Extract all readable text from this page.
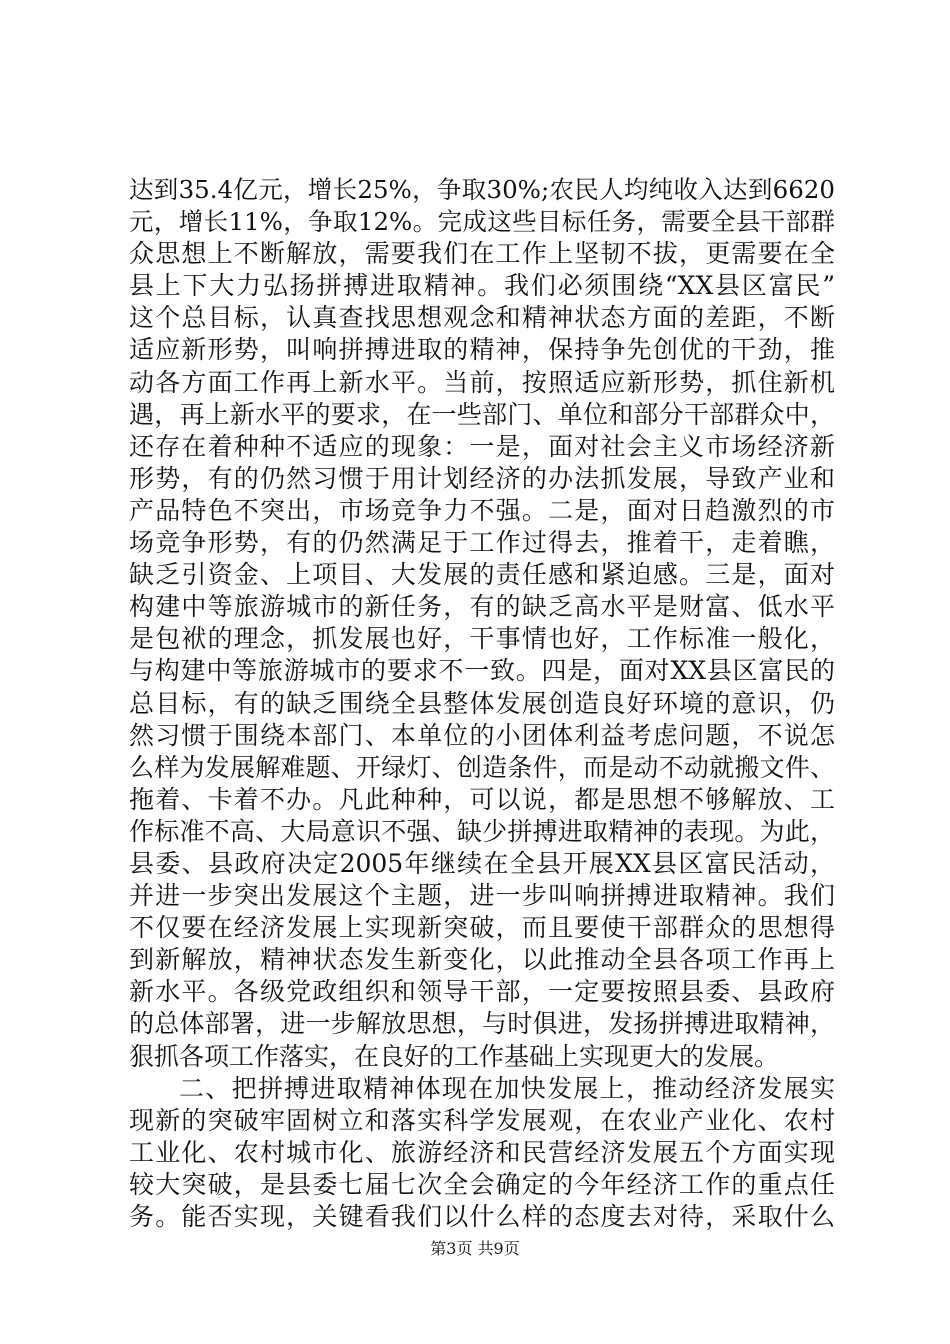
达到35.4亿元，增长25%，争取30%;农民人均纯收入达到6620
元，增长11%，争取12%。完成这些目标任务，需要全县干部群
众思想上不断解放，需要我们在工作上坚韧不拔，更需要在全
县上下大力弘扬拼搏进取精神。我们必须围绕“XX县区富民”
这个总目标，认真查找思想观念和精神状态方面的差距，不断
适应新形势，叫响拼搏进取的精神，保持争先创优的干劲，推
动各方面工作再上新水平。当前，按照适应新形势，抓住新机
遇，再上新水平的要求，在一些部门、单位和部分干部群众中，
还存在着种种不适应的现象：一是，面对社会主义市场经济新
形势，有的仍然习惯于用计划经济的办法抓发展，导致产业和
产品特色不突出，市场竞争力不强。二是，面对日趋激烈的市
场竞争形势，有的仍然满足于工作过得去，推着干，走着瞧，
缺乏引资金、上项目、大发展的责任感和紧迫感。三是，面对
构建中等旅游城市的新任务，有的缺乏高水平是财富、低水平
是包袱的理念，抓发展也好，干事情也好，工作标准一般化，
与构建中等旅游城市的要求不一致。四是，面对XX县区富民的
总目标，有的缺乏围绕全县整体发展创造良好环境的意识，仍
然习惯于围绕本部门、本单位的小团体利益考虑问题，不说怎
么样为发展解难题、开绿灯、创造条件，而是动不动就搬文件、
拖着、卡着不办。凡此种种，可以说，都是思想不够解放、工
作标准不高、大局意识不强、缺少拼搏进取精神的表现。为此，
县委、县政府决定2005年继续在全县开展XX县区富民活动，
并进一步突出发展这个主题，进一步叫响拼搏进取精神。我们
不仅要在经济发展上实现新突破，而且要使干部群众的思想得
到新解放，精神状态发生新变化，以此推动全县各项工作再上
新水平。各级党政组织和领导干部，一定要按照县委、县政府
的总体部署，进一步解放思想，与时俱进，发扬拼搏进取精神，
狠抓各项工作落实，在良好的工作基础上实现更大的发展。
二、把拼搏进取精神体现在加快发展上，推动经济发展实
现新的突破牢固树立和落实科学发展观，在农业产业化、农村
工业化、农村城市化、旅游经济和民营经济发展五个方面实现
较大突破，是县委七届七次全会确定的今年经济工作的重点任
务。能否实现，关键看我们以什么样的态度去对待，采取什么
第3页 共9页
